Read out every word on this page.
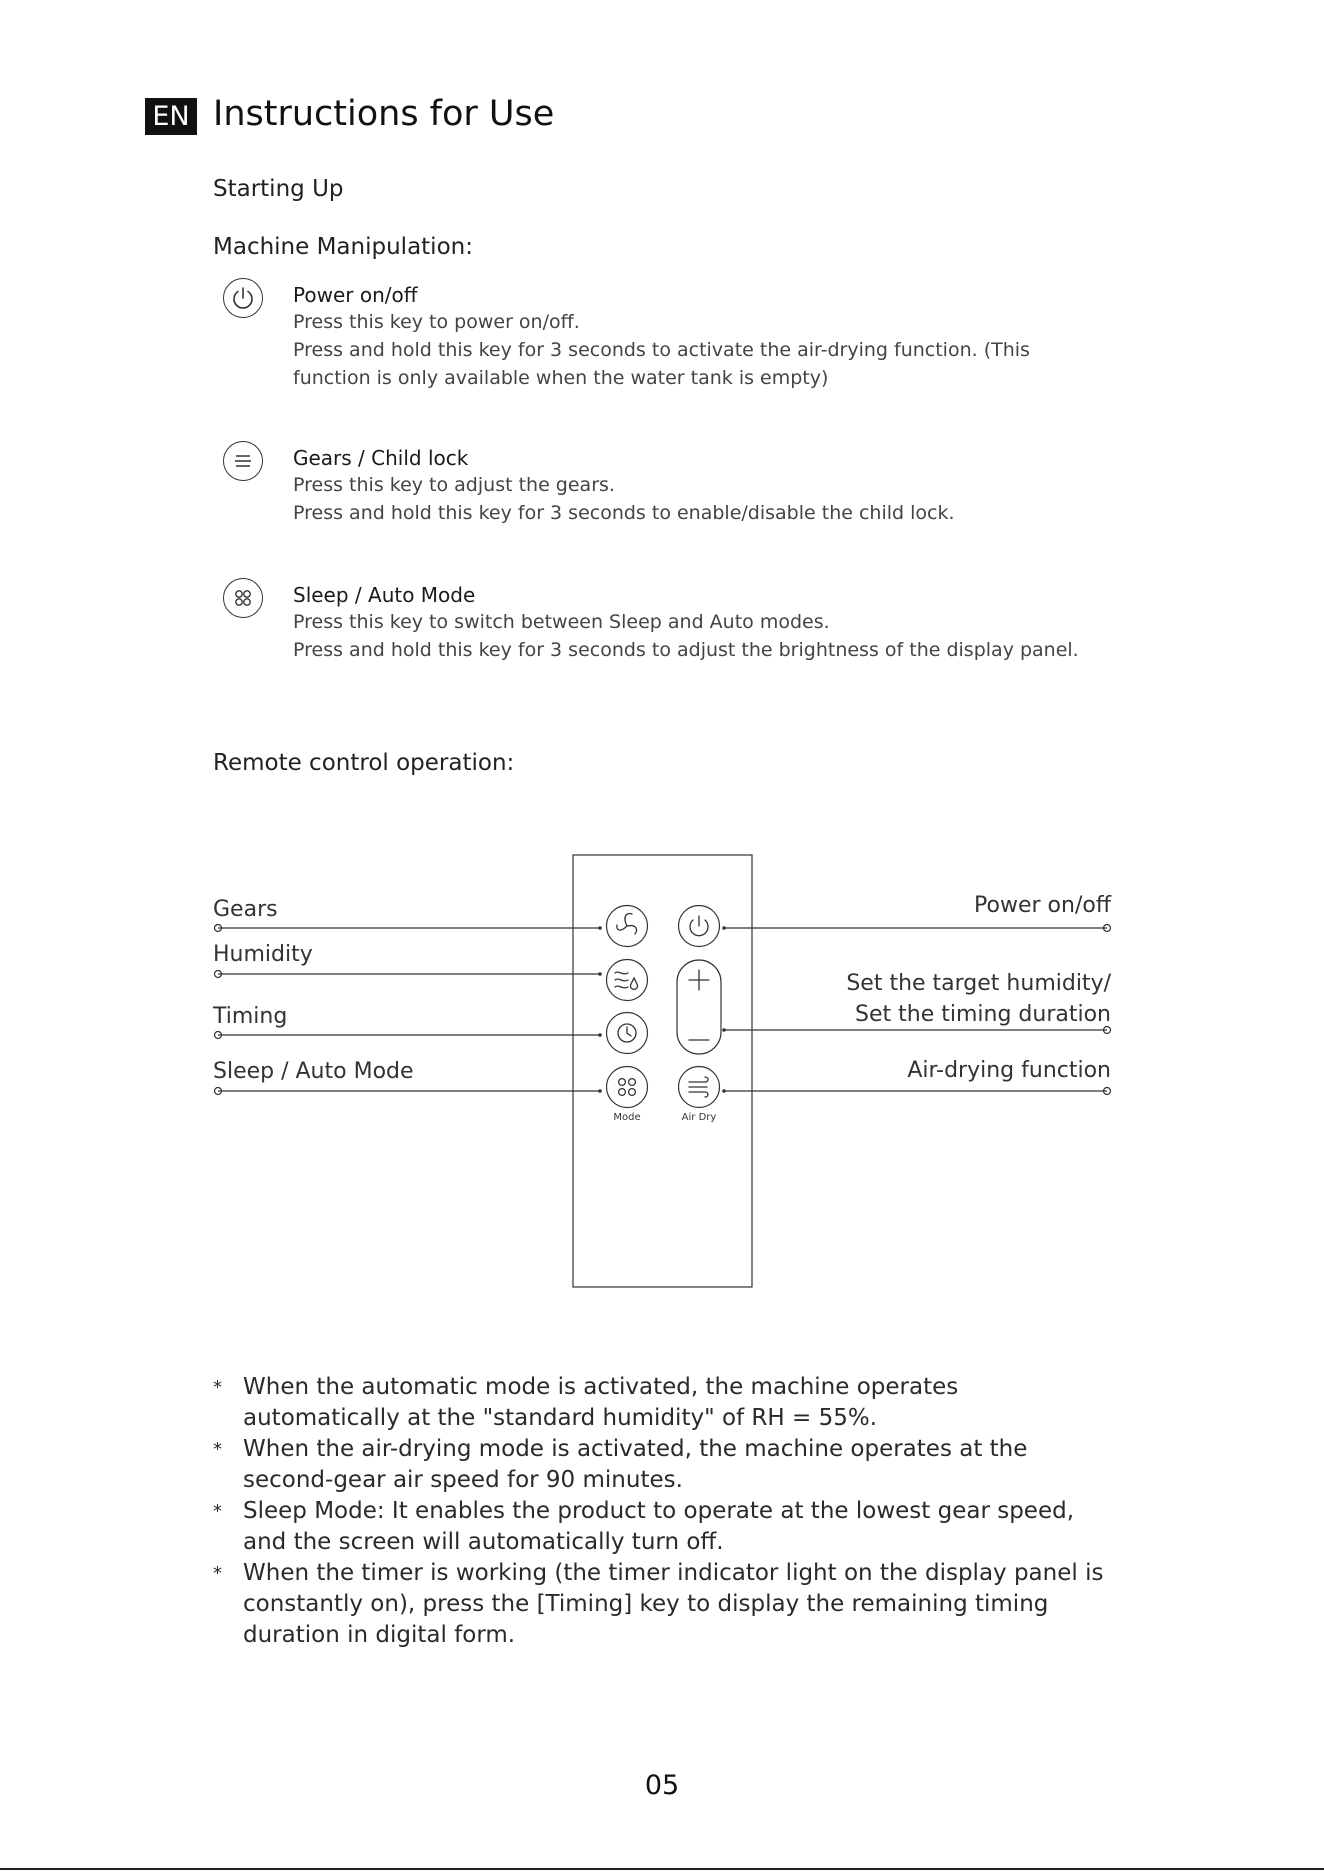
EN Instructions for Use
Starting Up
Machine Manipulation:
Power on/off
Press this key to power on/off.
Press and hold this key for 3 seconds to activate the air-drying function. (This
function is only available when the water tank is empty)
Gears / Child lock
Press this key to adjust the gears.
Press and hold this key for 3 seconds to enable/disable the child lock.
Sleep / Auto Mode
Press this key to switch between Sleep and Auto modes.
Press and hold this key for 3 seconds to adjust the brightness of the display panel.
Remote control operation:
Gears
Humidity
Timing
Sleep / Auto Mode
Power on/off
Set the target humidity/
Set the timing duration
Air-drying function
Mode	Air Dry
* When the automatic mode is activated, the machine operates automatically at the "standard humidity" of RH = 55%.
* When the air-drying mode is activated, the machine operates at the second-gear air speed for 90 minutes.
* Sleep Mode: It enables the product to operate at the lowest gear speed, and the screen will automatically turn off.
* When the timer is working (the timer indicator light on the display panel is constantly on), press the [Timing] key to display the remaining timing duration in digital form.
05
